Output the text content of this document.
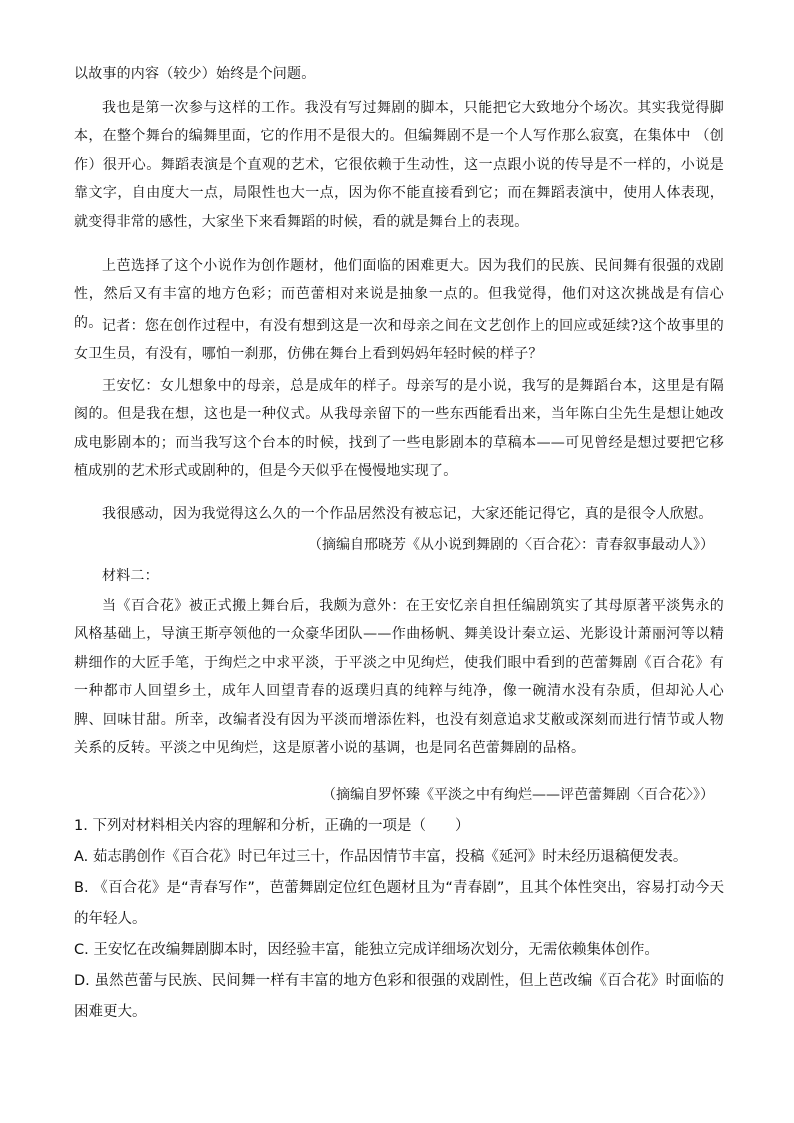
以故事的内容（较少）始终是个问题。

我也是第一次参与这样的工作。我没有写过舞剧的脚本，只能把它大致地分个场次。其实我觉得脚本，在整个舞台的编舞里面，它的作用不是很大的。但编舞剧不是一个人写作那么寂寞，在集体中 （创作）很开心。舞蹈表演是个直观的艺术，它很依赖于生动性，这一点跟小说的传导是不一样的，小说是靠文字，自由度大一点，局限性也大一点，因为你不能直接看到它；而在舞蹈表演中，使用人体表现，就变得非常的感性，大家坐下来看舞蹈的时候，看的就是舞台上的表现。

上芭选择了这个小说作为创作题材，他们面临的困难更大。因为我们的民族、民间舞有很强的戏剧性，然后又有丰富的地方色彩；而芭蕾相对来说是抽象一点的。但我觉得，他们对这次挑战是有信心的。 记者：您在创作过程中，有没有想到这是一次和母亲之间在文艺创作上的回应或延续?这个故事里的女卫生员，有没有，哪怕一刹那，仿佛在舞台上看到妈妈年轻时候的样子？

王安忆：女儿想象中的母亲，总是成年的样子。母亲写的是小说，我写的是舞蹈台本，这里是有隔阂的。但是我在想，这也是一种仪式。从我母亲留下的一些东西能看出来，当年陈白尘先生是想让她改成电影剧本的；而当我写这个台本的时候，找到了一些电影剧本的草稿本——可见曾经是想过要把它移植成别的艺术形式或剧种的，但是今天似乎在慢慢地实现了。

我很感动，因为我觉得这么久的一个作品居然没有被忘记，大家还能记得它，真的是很令人欣慰。

（摘编自邢晓芳《从小说到舞剧的〈百合花〉：青春叙事最动人》）

材料二：

当《百合花》被正式搬上舞台后，我颇为意外：在王安忆亲自担任编剧筑实了其母原著平淡隽永的风格基础上，导演王斯亭领他的一众豪华团队——作曲杨帆、舞美设计秦立运、光影设计萧丽河等以精耕细作的大匠手笔，于绚烂之中求平淡，于平淡之中见绚烂，使我们眼中看到的芭蕾舞剧《百合花》有一种都市人回望乡土，成年人回望青春的返璞归真的纯粹与纯净，像一碗清水没有杂质，但却沁人心脾、回味甘甜。所幸，改编者没有因为平淡而增添佐料，也没有刻意追求艾敝或深刻而进行情节或人物关系的反转。平淡之中见绚烂，这是原著小说的基调，也是同名芭蕾舞剧的品格。

（摘编自罗怀臻《平淡之中有绚烂——评芭蕾舞剧〈百合花〉》）

1. 下列对材料相关内容的理解和分析，正确的一项是（　　）

A. 茹志鹃创作《百合花》时已年过三十，作品因情节丰富，投稿《延河》时未经历退稿便发表。

B. 《百合花》是“青春写作”，芭蕾舞剧定位红色题材且为“青春剧”，且其个体性突出，容易打动今天的年轻人。

C. 王安忆在改编舞剧脚本时，因经验丰富，能独立完成详细场次划分，无需依赖集体创作。

D. 虽然芭蕾与民族、民间舞一样有丰富的地方色彩和很强的戏剧性，但上芭改编《百合花》时面临的困难更大。
